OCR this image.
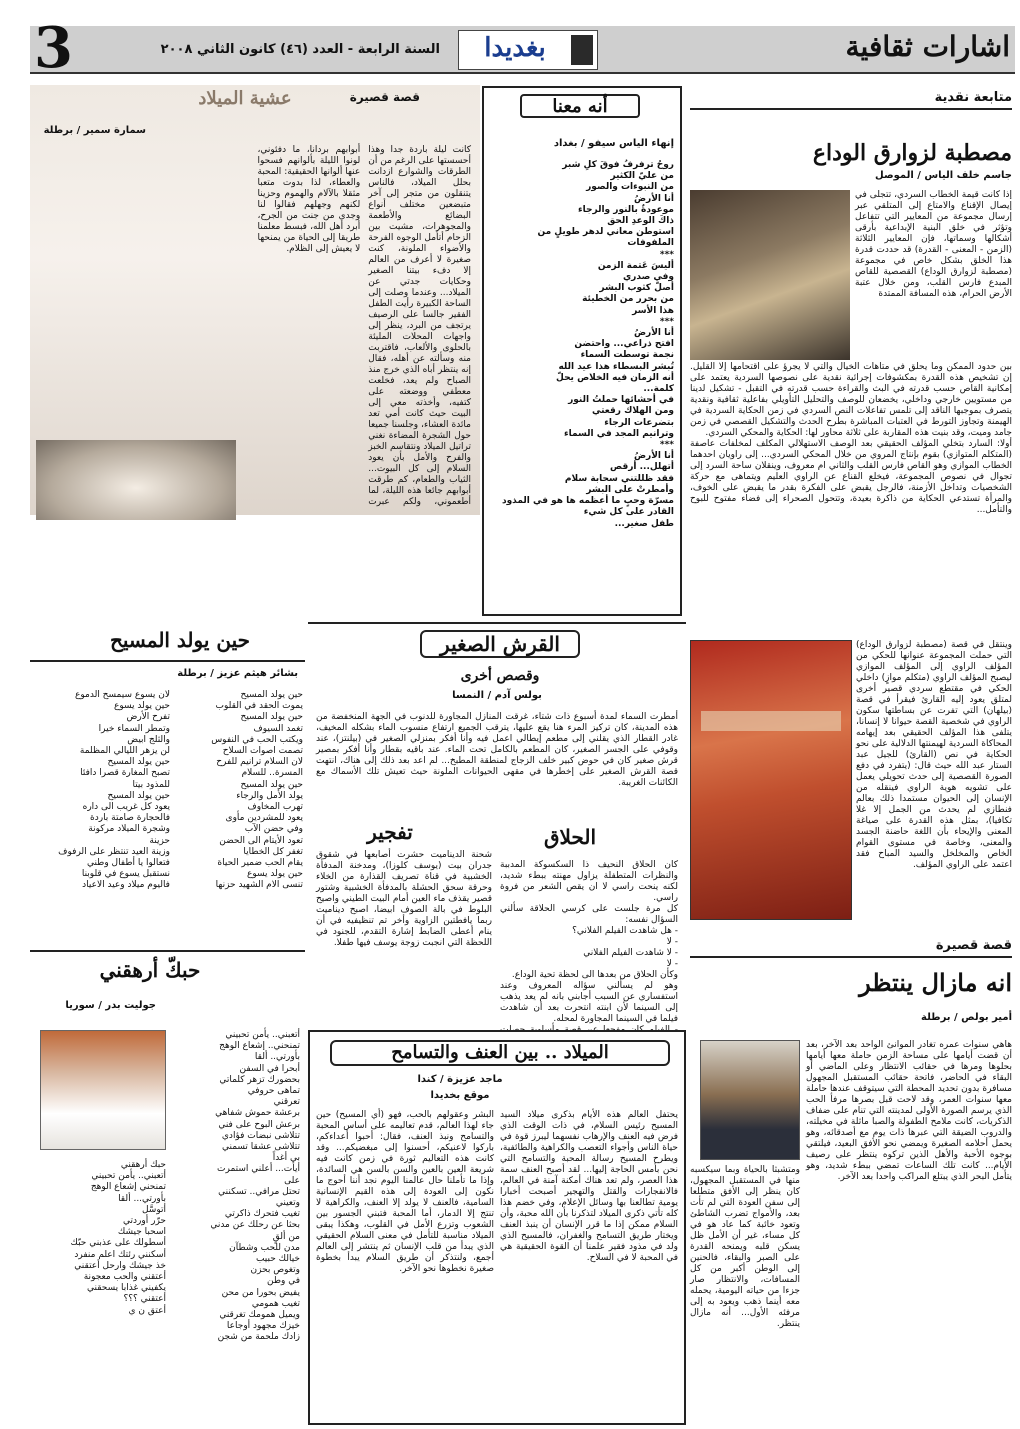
3	السنة الرابعة - العدد (٤٦) كانون الثاني ٢٠٠٨	بغديدا	اشارات ثقافية
متابعة نقدية
مصطبة لزوارق الوداع
جاسم خلف الياس / الموصل
إذا كانت قيمة الخطاب السردي، تتجلى في إيصال الإقناع والامتاع إلى المتلقي عبر إرسال مجموعة من المعايير التي تتفاعل وتؤثر في خلق البنية الإبداعية بأرقى أشكالها وسماتها، فإن المعايير الثلاثة (الزمن - المعنى - القدرة) قد حددت قدرة هذا الخلق بشكل خاص في مجموعة (مصطبة لزوارق الوداع) القصصية للقاص المبدع فارس القلب، ومن خلال عتبة الأرض الحرام، هذه المسافة الممتدة
بين حدود الممكن وما يحلق في متاهات الخيال والتي لا يجرؤ على اقتحامها إلا القليل. إن تشخيص هذه القدرة بمكشوفات إجرائية نقدية على نصوصها السردية يعتمد على إمكانية القاص حسب قدرته في البث والقراءة حسب قدرته في التقبل - تشكيل لدينا من مستويين خارجي وداخلي، يخضعان للوصف والتحليل التأويلي بفاعلية ثقافية ونقدية يتصرف بموجبها الناقد إلى تلمس تفاعلات النص السردي في زمن الحكاية السردية في الهيمنة وتجاوز التورط في العتبات المباشرة بطرح الحدث والتشكيل القصصي في زمن جامد وميت، وقد بنيت هذه المقاربة على ثلاثة محاور لها: الحكاية والمحكي السردي.
أولا: السارد بتخلي المؤلف الحقيقي بعد الوصف الاستهلالي المكلف لمخلفات عاصفة (المتكلم المتوازي) بقوم بإنتاج المروي من خلال المحكي السردي... إلى راويان احدهما الخطاب الموازي وهو القاص فارس القلب والثاني ام معروف، وينقلان ساحة السرد إلى تجوال في نصوص المجموعة، فيخلع القناع عن الراوي العليم ويتماهى مع حركة الشخصيات وتداخل الأزمنة، فالرجل يقبض على الفكرة بقدر ما يقبض على الخوف، والمرأة تستدعي الحكاية من ذاكرة بعيدة، وتتحول الصحراء إلى فضاء مفتوح للبوح والتأمل...
وينتقل في قصة (مصطبة لزوارق الوداع) التي حملت المجموعة عنوانها للحكي من المؤلف الراوي إلى المؤلف الموازي ليصبح المؤلف الراوي (متكلم موازٍ) داخلي الحكي في مقتطع سردي قصير أخرى لمتلق يعود إليه القارئ فيقرأ في قصة (بيلهان) التي تفرت عن بساطتها سكون الراوي في شخصية القصة حيوانا لا إنسانا، يتلفى هذا المؤلف الحقيقي بعد إيهامه المحاكاة السردية لهيمنتها الدلالية على نحو الحكاية في نص (القارئ) للجيل عبد الستار عبد الله حيث قال: (يتفرد في دفع الصورة القصصية إلى حدث تحويلي يعمل على تشويه هوية الراوي فينقله من الإنسان إلى الحيوان مستمدا ذلك بعالم فنطازي لم يحدث من الجمل إلا غلا تكافيا)، بمثل هذه القدرة على صياغة المعنى والإيحاء بأن اللغة حاضنة الجسد والمعنى، وخاصة في مستوى القوام الخاص والمخلخل والسيد المباح فقد اعتمد على الراوي المؤلف.
قصة قصيرة
انه مازال ينتظر
أمير بولص / برطلة
هاهي سنوات عمره تغادر الموانئ الواحد بعد الآخر، بعد أن قضت أيامها على مساحة الزمن حاملة معها أيامها بحلوها ومرها في حقائب الانتظار وعلى الماضي أو البقاء في الحاضر، فاتحة حقائب المستقبل المجهول مسافرة بدون تحديد المحطة التي سيتوقف عندها حاملة معها سنوات العمر، وقد لاحت قبل بصرها مرفأ الحب الذي يرسم الصورة الأولى لمدينته التي تنام على ضفاف الذكريات، كانت ملامح الطفولة والصبا ماثلة في مخيلته، والدروب الضيقة التي عبرها ذات يوم مع أصدقائه، وهو يحمل أحلامه الصغيرة ويمضي نحو الأفق البعيد، فيلتقي بوجوه الأحبة والأهل الذين تركوه ينتظر على رصيف الأيام... كانت تلك الساعات تمضي ببطء شديد، وهو يتأمل البحر الذي يبتلع المراكب واحدا بعد الآخر.
ومتشبثا بالحياة وبما سيكسبه منها في المستقبل المجهول، كان ينظر إلى الأفق متطلعا إلى سفن العودة التي لم تأت بعد، والأمواج تضرب الشاطئ وتعود خائبة كما عاد هو في كل مساء، غير أن الأمل ظل يسكن قلبه ويمنحه القدرة على الصبر والبقاء، فالحنين إلى الوطن أكبر من كل المسافات، والانتظار صار جزءا من حياته اليومية، يحمله معه أينما ذهب ويعود به إلى مرفئه الأول... أنه مازال ينتظر.
قصة قصيرة
عشية الميلاد
سمارة سمير / برطلة
كانت ليلة باردة جدا وهذا أحسستها على الرغم من أن الطرقات والشوارع ازدانت بحلل الميلاد، فالناس يتنقلون من متجر إلى آخر متبضعين مختلف أنواع البضائع والأطعمة والمجوهرات، مشيت بين الزحام أتأمل الوجوه الفرحة والأضواء الملونة، كنت صغيرة لا أعرف من العالم إلا دفء بيتنا الصغير وحكايات جدتي عن الميلاد... وعندما وصلت إلى الساحة الكبيرة رأيت الطفل الفقير جالسا على الرصيف يرتجف من البرد، ينظر إلى واجهات المحلات المليئة بالحلوى والألعاب، فاقتربت منه وسألته عن أهله، فقال إنه ينتظر أباه الذي خرج منذ الصباح ولم يعد، فخلعت معطفي ووضعته على كتفيه، وأخذته معي إلى البيت حيث كانت أمي تعد مائدة العشاء، وجلسنا جميعا حول الشجرة المضاءة نغني تراتيل الميلاد ونتقاسم الخبز والفرح والأمل بأن يعود السلام إلى كل البيوت... الثياب والطعام، كم طرقت أبوابهم جائعا هذه الليلة، لما أطعموني، ولكم عبرت أبوابهم بردانا، ما دفئوني، لونوا الليلة بألوانهم فسحوا عنها ألوانها الحقيقية: المحبة والعطاء، لذا بدوت متعبا مثقلا بالآلام والهموم وحزينا لكنهم وجهلهم فقالوا لنا وجدي من جنت من الجرح، أبرد أهل الله، فبسط معلمنا طريقا إلى الحياة من يمنحها لا يعيش إلى الظلام.
أنه معنا
إنهاء الياس سيفو / بغداد
روحُ ترفرفُ فوقَ كلِ شبر
من عليّ الكثير
من النبوءات والصور
أنا الأرضُ
موعودةٌ بالنور والرجاء
ذاكَ الوعدِ الحق
استوطن معاني لدهر طويلٍ من الملفوفات
***
أليسَ عَتمة الزمن
وفي صدري
أصلّ كثوب البشر
من بحرر من الخطيئة
هذا الأسر
***
أنا الأرضُ
افتح ذراعي... واحتضن
نجمة توسطت السماء
تُبشر البسطاء هذا عيد الله
أنه الزمان فيه الخلاص يحلّ
كلمة...
في أحشائها حملتُ النور
ومن الهلاك رقعتي
بتضرعات الرجاء
وترانيم المجد في السماء
***
أنا الأرضُ
أتهلل... أرقص
فقد ظللتني سحابة سلام
وأمطرتْ على البشر
مسرّة وحبٍ ما أعظمه ها هو في المذود
القادر على كل شيء
طفل صغير...
حين يولد المسيح
بشائر هيثم عزيز / برطلة
حين يولد المسيح
يموت الحقد في القلوب
حين يولد المسيح
تغمد السيوف
ويكتب الحب في النفوس
تصمت اصوات السلاح
لان السلام ترانيم للفرح
المسرة.. للسلام
حين يولد المسيح
يولد الأمل والرجاء
تهرب المخاوف
يعود للمشردين مأوى
وفي حضن الآب
تعود الأيتام الى الحضن
تغفر كل الخطايا
يقام الحب ضمير الحياة
حين يولد يسوع
تنسى الام الشهيد حزنها
لان يسوع سيمسح الدموع
حين يولد يسوع
تفرح الأرض
وتمطر السماء خيرا
والثلج ابيض
لن يزهر الليالي المظلمة
حين يولد المسيح
تصبح المغارة قصرا دافئا
للمذود بيتا
حين يولد المسيح
يعود كل غريب الى داره
فالحجارة صامتة باردة
وشجرة الميلاد مركونة
حزينة
وزينة العيد تنتظر على الرفوف
فتعالوا يا أطفال وطني
نستقبل يسوع في قلوبنا
فاليوم ميلاد وعيد الاعياد
حبكّ أرهقني
جوليت بدر / سوريا
أتعبني.. يأمن تحبيني
تمنحني.. إشعاع الوهج
بأورتي.. ألقا
أبحرا في السفن
بحضورك تزهر كلماتي
تماهى حروفي
تعرقني
برعشة حموش شفاهي
برعش البوح على فني
تتلاشى نبضات فؤادي
تتلاشى عشقا تسمني
بي أغداً
أيأت... أعلني استمرت
على
تحتل مرافي.. تسكنني
وتعيني
تغيب فتحرك ذاكرتي
بحثا عن رحلك عن مدني
من ألقٍ
مدن للحب وشطآن
خيالك حبيب
وتغوص بحزن
في وطن
يفيض بحورا من محن
تغيب همومي
ويميل همومك تغرقني
خيزك مجهود أوجاعا
زادك ملحمة من شجن
حبك أرهقني
أتعبني.. يأمن تحبيني
تمنحني إشعاع الوهج
بأورتي... ألقا
أتوسَّل
حرّر أوردتي
اسحبا جيشك
أسطولك على عذبني حبّك
أسكنني رئتك اعلم منفرد
خذ جيشك وارحل أعتقني
أعتقني والحب معجونة
يكفيني غذابا يسحقني
أعتقني ؟؟؟
أعتق ن ي
القرش الصغير
وقصص أخرى
بولس آدم / النمسا
أمطرت السماء لمدة أسبوع ذات شتاء، غرقت المنازل المجاورة للدنوب في الجهة المنخفضة من هذه المدينة، كان تركيز المرء هنا يقع عليها، يترقب الجميع ارتفاع منسوب الماء بشكله المخيف، غادر القطار الذي يقلني إلى مطعم إيطالي اعمل فيه وأنا أفكر بمنزلي الصغير في (بيلنتز)، عند وقوفي على الجسر الصغير، كان المطعم بالكامل تحت الماء. عند باقيه بقطار وأنا أفكر بمصير قرش صغير كان في حوض كبير خلف الزجاج لمنطقة المطبخ... لم اعد بعد ذلك إلى هناك، انتهت قصة القرش الصغير على إخطرها في مقهى الحيوانات الملونة حيث تعيش تلك الأسماك مع الكائنات الغريبة.
الحلاق
كان الحلاق النحيف ذا السكسوكة المدببة والنظرات المتطفلة يزاول مهنته ببطء شديد، لكنه ينحت راسي لا ان يقص الشعر من فروة راسي.
كل مرة جلست على كرسي الحلاقة سألني السؤال نفسه:
- هل شاهدت الفيلم الفلاني؟
- لا
- لا شاهدت الفيلم الفلاني
- لا
وكأن الحلاق من بعدها الى لحظة تحية الوداع.
وهو لم يسألني سؤاله المعروف وعند استفساري عن السبب أجابني بانه لم يعد يذهب إلى السينما لأن ابنته انتحرت بعد أن شاهدت فيلما في السينما المجاورة لمحله.

تفجير
شحنة الديناميت حشرت أصابعها في شقوق جدران بيت (يوسف كلوزا)، ومدخنة المدفأة الخشبية في قناة تصريف القذارة من الخلاء وحرقة سحق الحشلة بالمدفأة الخشبية وشتور قصير يقذف ماء العين أمام البيت الطيني واصيح البلوط في بالة الصوف ابيضا، اصبح ديناميت ربما يافطتين الزاوية وأخر تم تنظيفيه في أن ينام أعطى الضابط إشارة التقدم، للجنود في اللحظة التي انجبت زوجة يوسف فيها طفلا.
الميلاد .. بين العنف والتسامح
ماجد عزيزة / كندا
موقع بخديدا
يحتفل العالم هذه الأيام بذكرى ميلاد السيد المسيح رئيس السلام، في ذات الوقت الذي فرض فيه العنف والإرهاب نفسهما ليبرز قوة في حياة الناس وأجواء التعصب والكراهية والطائفية، ويطرح المسيح رسالة المحبة والتسامح التي نحن بأمس الحاجة إليها... لقد أصبح العنف سمة هذا العصر، ولم تعد هناك أمكنة آمنة في العالم، فالانفجارات والقتل والتهجير أصبحت أخبارا يومية تطالعنا بها وسائل الإعلام، وفي خضم هذا كله تأتي ذكرى الميلاد لتذكرنا بأن الله محبة، وأن السلام ممكن إذا ما قرر الإنسان أن ينبذ العنف ويختار طريق التسامح والغفران، فالمسيح الذي ولد في مذود فقير علمنا أن القوة الحقيقية هي في المحبة لا في السلاح.
البشر وعقولهم بالحب، فهو (أي المسيح) حين جاء لهذا العالم، قدم تعاليمه على أساس المحبة والتسامح ونبذ العنف، فقال: أحبوا أعداءكم، باركوا لاعنيكم، أحسنوا إلى مبغضيكم... وقد كانت هذه التعاليم ثورة في زمن كانت فيه شريعة العين بالعين والسن بالسن هي السائدة، وإذا ما تأملنا حال عالمنا اليوم نجد أننا أحوج ما نكون إلى العودة إلى هذه القيم الإنسانية السامية، فالعنف لا يولد إلا العنف، والكراهية لا تنتج إلا الدمار، أما المحبة فتبني الجسور بين الشعوب وتزرع الأمل في القلوب، وهكذا يبقى الميلاد مناسبة للتأمل في معنى السلام الحقيقي الذي يبدأ من قلب الإنسان ثم ينتشر إلى العالم أجمع، ولنتذكر أن طريق السلام يبدأ بخطوة صغيرة نخطوها نحو الآخر.
